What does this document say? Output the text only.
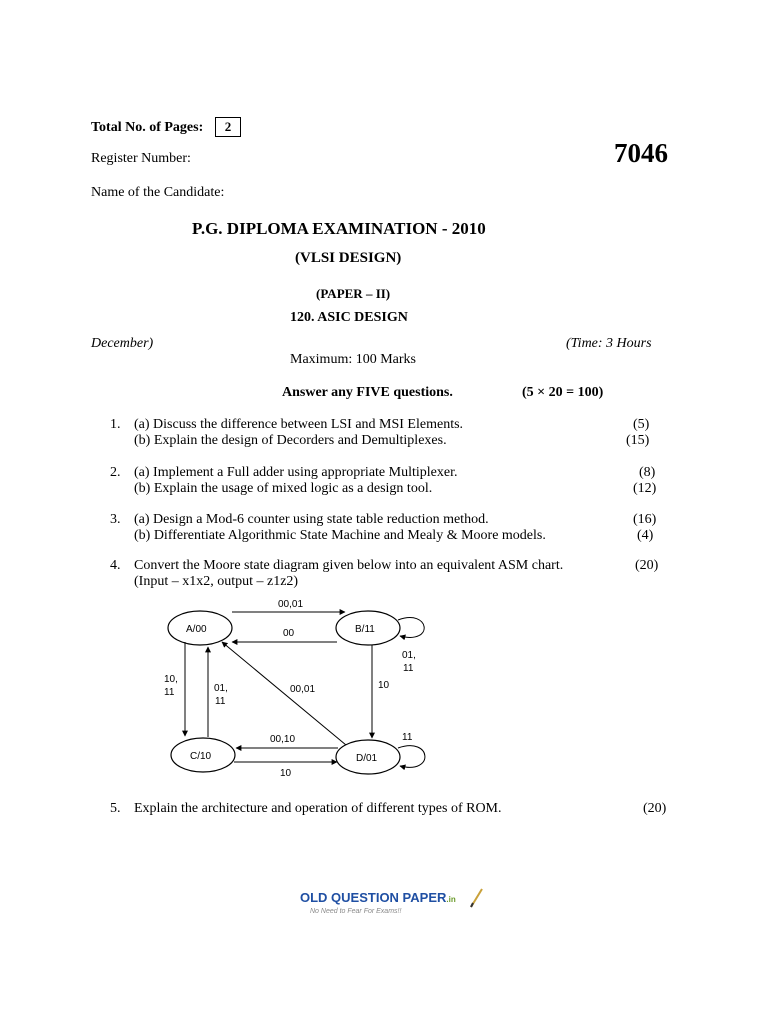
Total No. of Pages:	2
Register Number:	7046
Name of the Candidate:
P.G. DIPLOMA EXAMINATION - 2010
(VLSI DESIGN)
(PAPER – II)
120. ASIC DESIGN
December)	(Time: 3 Hours
Maximum: 100 Marks
Answer any FIVE questions.	(5 × 20 = 100)
1. (a) Discuss the difference between LSI and MSI Elements.	(5)
(b) Explain the design of Decorders and Demultiplexes.	(15)
2. (a) Implement a Full adder using appropriate Multiplexer.	(8)
(b) Explain the usage of mixed logic as a design tool.	(12)
3. (a) Design a Mod-6 counter using state table reduction method.	(16)
(b) Differentiate Algorithmic State Machine and Mealy & Moore models.	(4)
4. Convert the Moore state diagram given below into an equivalent ASM chart.	(20)
(Input – x1x2, output – z1z2)
A/00	B/11
C/10	D/01
00,01
00
01,
11
10
10,
11	01,
11
00,01
00,10
10
11
5. Explain the architecture and operation of different types of ROM.	(20)
OLD QUESTION PAPER.in
No Need to Fear For Exams!!
